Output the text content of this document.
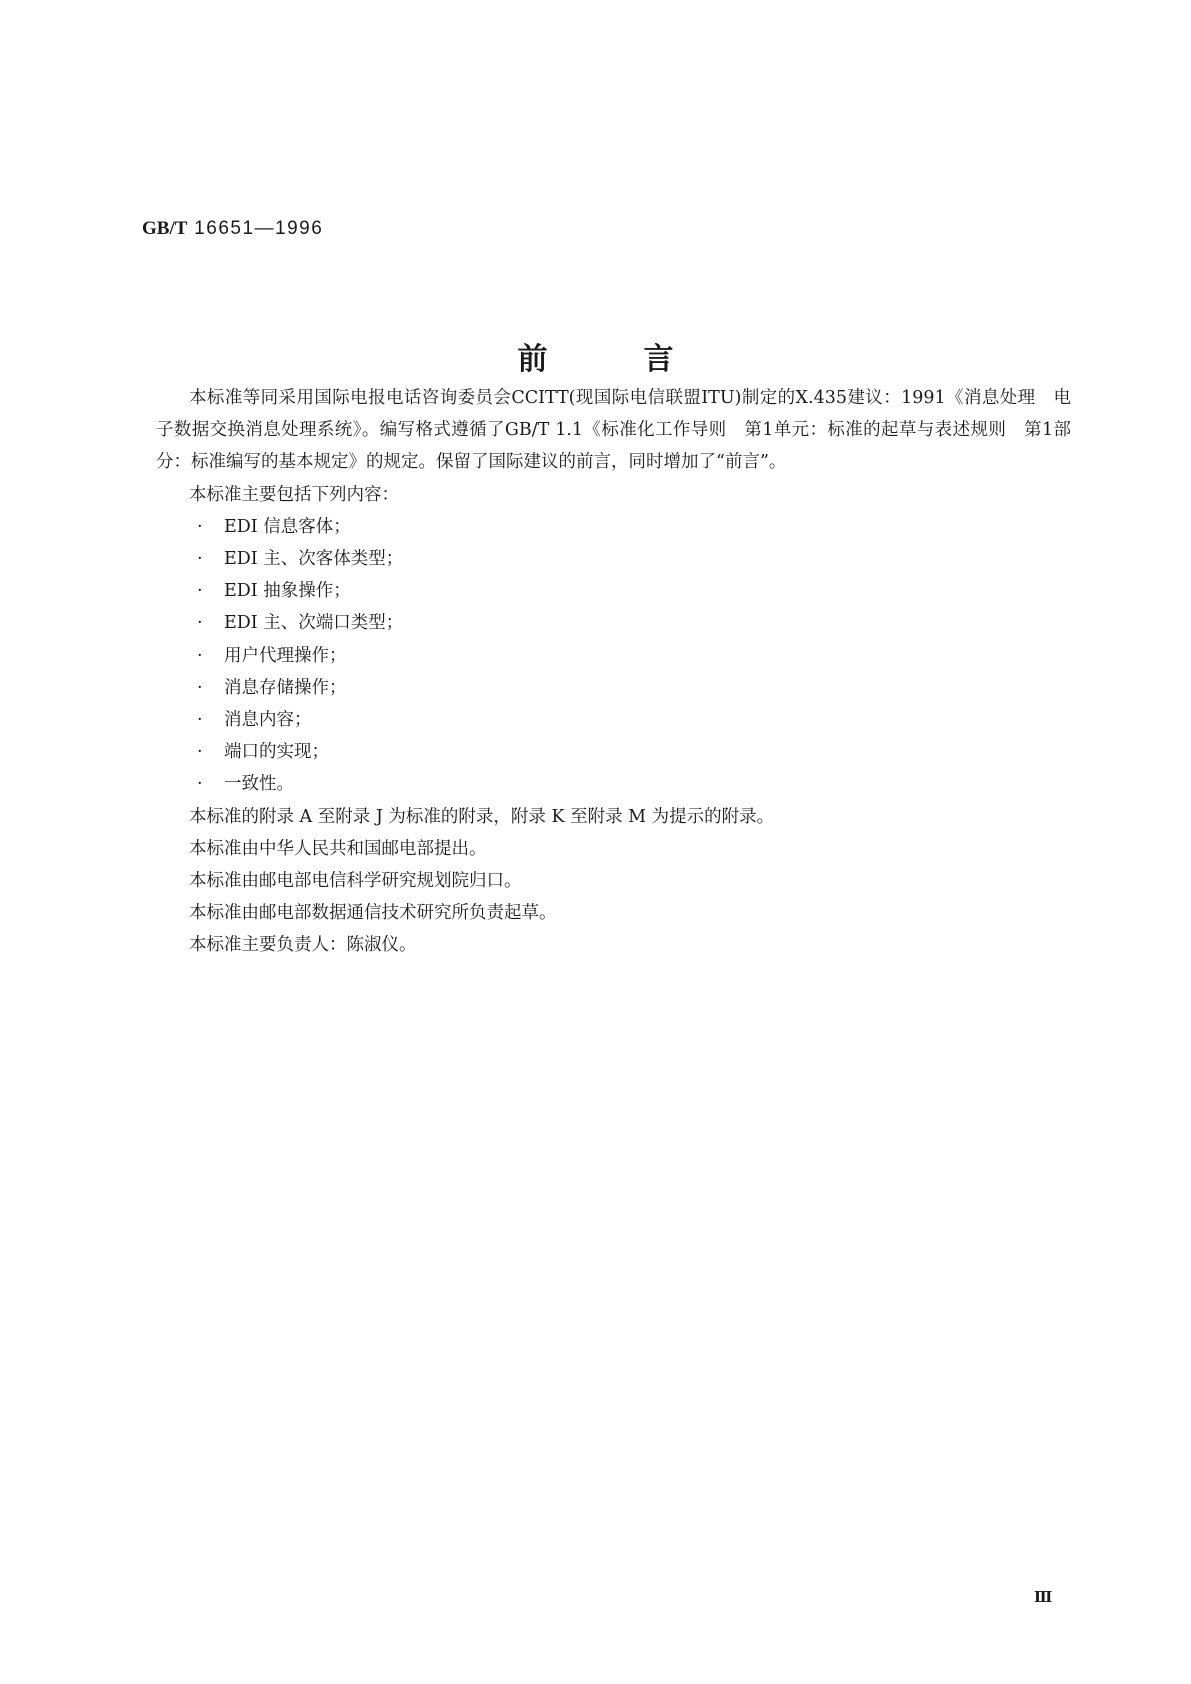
GB/T 16651—1996
前言

本标准等同采用国际电报电话咨询委员会CCITT(现国际电信联盟ITU)制定的X.435建议：1991《消息处理　电子数据交换消息处理系统》。编写格式遵循了GB/T 1.1《标准化工作导则　第1单元：标准的起草与表述规则　第1部分：标准编写的基本规定》的规定。保留了国际建议的前言，同时增加了“前言”。

本标准主要包括下列内容：
· EDI 信息客体；
· EDI 主、次客体类型；
· EDI 抽象操作；
· EDI 主、次端口类型；
· 用户代理操作；
· 消息存储操作；
· 消息内容；
· 端口的实现；
· 一致性。
本标准的附录 A 至附录 J 为标准的附录，附录 K 至附录 M 为提示的附录。
本标准由中华人民共和国邮电部提出。
本标准由邮电部电信科学研究规划院归口。
本标准由邮电部数据通信技术研究所负责起草。
本标准主要负责人：陈淑仪。
Ⅲ
